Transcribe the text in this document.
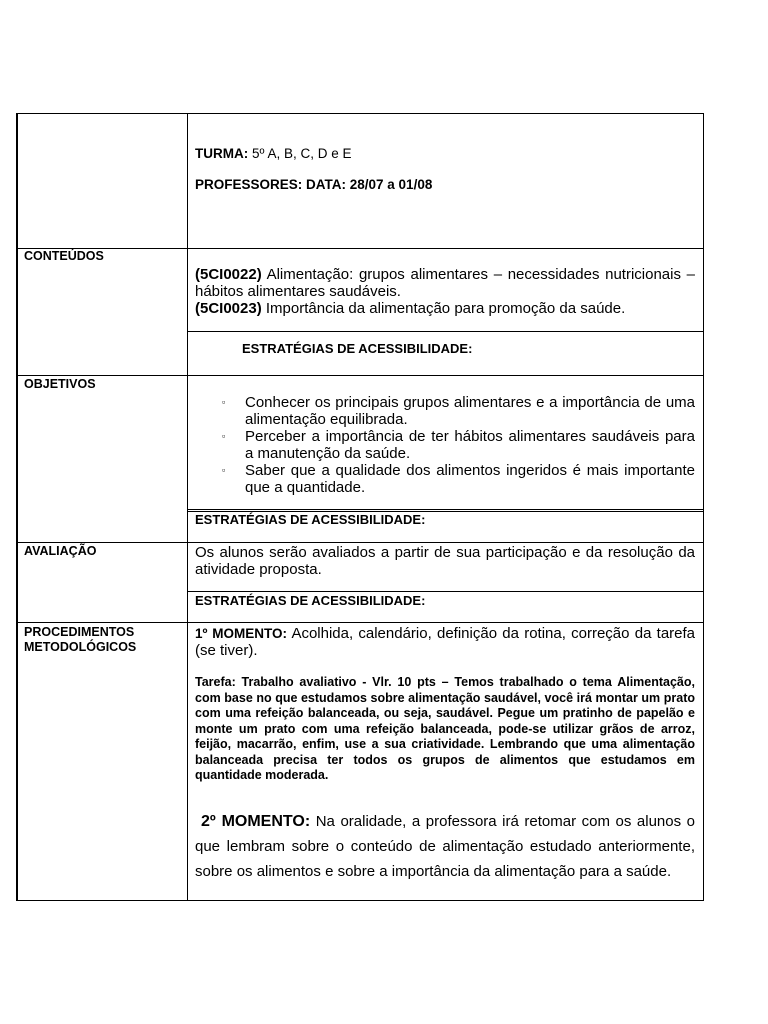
TURMA: 5º A, B, C, D e E
PROFESSORES: DATA: 28/07 a 01/08
CONTEÚDOS
(5CI0022) Alimentação: grupos alimentares – necessidades nutricionais – hábitos alimentares saudáveis.
(5CI0023) Importância da alimentação para promoção da saúde.
ESTRATÉGIAS DE ACESSIBILIDADE:
OBJETIVOS
▫ Conhecer os principais grupos alimentares e a importância de uma alimentação equilibrada.
▫ Perceber a importância de ter hábitos alimentares saudáveis para a manutenção da saúde.
▫ Saber que a qualidade dos alimentos ingeridos é mais importante que a quantidade.
ESTRATÉGIAS DE ACESSIBILIDADE:
AVALIAÇÃO	Os alunos serão avaliados a partir de sua participação e da resolução da atividade proposta.
ESTRATÉGIAS DE ACESSIBILIDADE:
PROCEDIMENTOS
METODOLÓGICOS
1º MOMENTO: Acolhida, calendário, definição da rotina, correção da tarefa (se tiver).
Tarefa: Trabalho avaliativo - Vlr. 10 pts – Temos trabalhado o tema Alimentação, com base no que estudamos sobre alimentação saudável, você irá montar um prato com uma refeição balanceada, ou seja, saudável. Pegue um pratinho de papelão e monte um prato com uma refeição balanceada, pode-se utilizar grãos de arroz, feijão, macarrão, enfim, use a sua criatividade. Lembrando que uma alimentação balanceada precisa ter todos os grupos de alimentos que estudamos em quantidade moderada.
2º MOMENTO: Na oralidade, a professora irá retomar com os alunos o que lembram sobre o conteúdo de alimentação estudado anteriormente, sobre os alimentos e sobre a importância da alimentação para a saúde.
